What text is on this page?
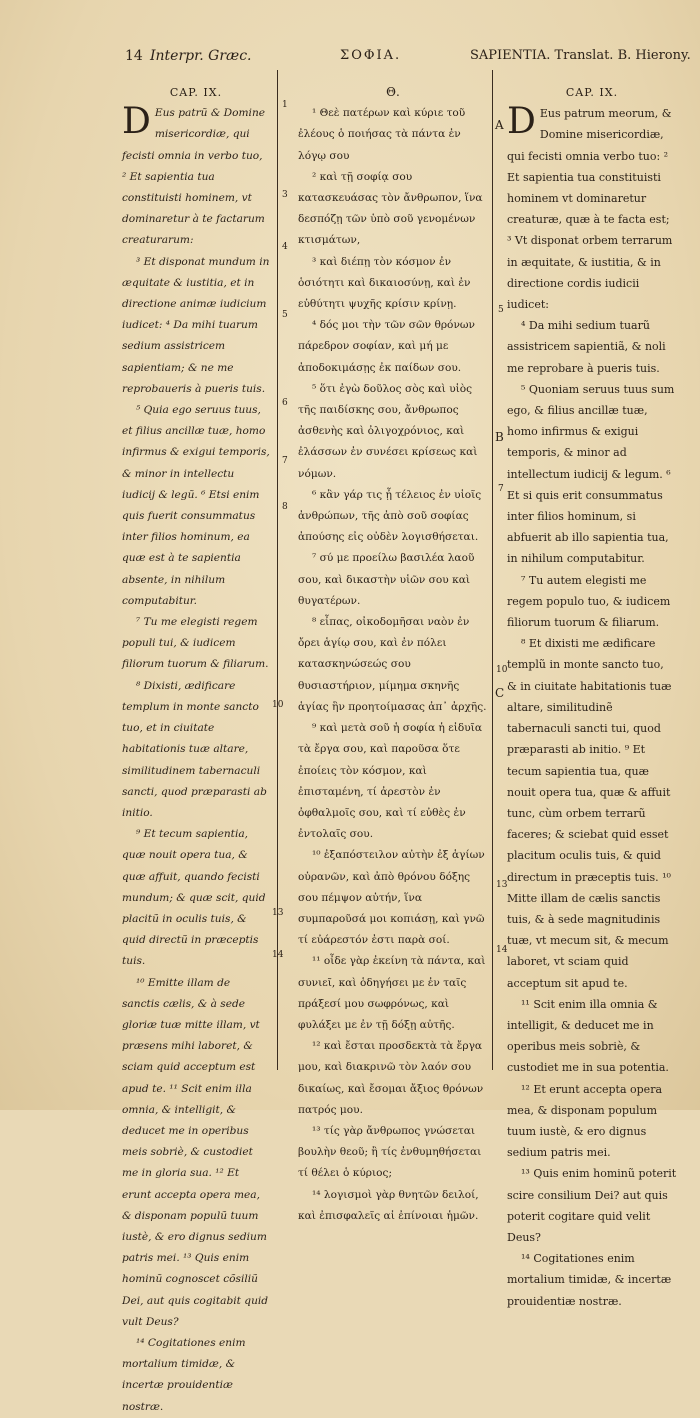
14 Interpr. Græc.	ΣΟΦΙΑ.	SAPIENTIA. Translat. B. Hierony.
CAP. IX.
D Eus patrũ & Domine misericordiæ, qui fecisti omnia in verbo tuo, ² Et sapientia tua constituisti hominem, vt dominaretur à te factarum creaturarum:

³ Et disponat mundum in æquitate & iustitia, et in directione animæ iudicium iudicet: ⁴ Da mihi tuarum sedium assistricem sapientiam; & ne me reprobaueris à pueris tuis.

⁵ Quia ego seruus tuus, et filius ancillæ tuæ, homo infirmus & exigui temporis, & minor in intellectu iudicij & legũ. ⁶ Etsi enim quis fuerit consummatus inter filios hominum, ea quæ est à te sapientia absente, in nihilum computabitur.

⁷ Tu me elegisti regem populi tui, & iudicem filiorum tuorum & filiarum.

⁸ Dixisti, ædificare templum in monte sancto tuo, et in ciuitate habitationis tuæ altare, similitudinem tabernaculi sancti, quod præparasti ab initio.

⁹ Et tecum sapientia, quæ nouit opera tua, & quæ affuit, quando fecisti mundum; & quæ scit, quid placitũ in oculis tuis, & quid directũ in præceptis tuis.

¹⁰ Emitte illam de sanctis cælis, & à sede gloriæ tuæ mitte illam, vt præsens mihi laboret, & sciam quid acceptum est apud te. ¹¹ Scit enim illa omnia, & intelligit, & deducet me in operibus meis sobriè, & custodiet me in gloria sua. ¹² Et erunt accepta opera mea, & disponam populũ tuum iustè, & ero dignus sedium patris mei. ¹³ Quis enim hominũ cognoscet cõsiliũ Dei, aut quis cogitabit quid vult Deus?

¹⁴ Cogitationes enim mortalium timidæ, & incertæ prouidentiæ nostræ.

Θ.

¹ Θεὲ πατέρων καὶ κύριε τοῦ ἐλέους ὁ ποιήσας τὰ πάντα ἐν λόγῳ σου

² καὶ τῇ σοφίᾳ σου κατασκευάσας τὸν ἄνθρωπον, ἵνα δεσπόζῃ τῶν ὑπὸ σοῦ γενομένων κτισμάτων,

³ καὶ διέπῃ τὸν κόσμον ἐν ὁσιότητι καὶ δικαιοσύνῃ, καὶ ἐν εὐθύτητι ψυχῆς κρίσιν κρίνῃ.

⁴ δός μοι τὴν τῶν σῶν θρόνων πάρεδρον σοφίαν, καὶ μή με ἀποδοκιμάσῃς ἐκ παίδων σου.

⁵ ὅτι ἐγὼ δοῦλος σὸς καὶ υἱὸς τῆς παιδίσκης σου, ἄνθρωπος ἀσθενὴς καὶ ὀλιγοχρόνιος, καὶ ἐλάσσων ἐν συνέσει κρίσεως καὶ νόμων.

⁶ κἂν γάρ τις ᾖ τέλειος ἐν υἱοῖς ἀνθρώπων, τῆς ἀπὸ σοῦ σοφίας ἀπούσης εἰς οὐδὲν λογισθήσεται.

⁷ σύ με προείλω βασιλέα λαοῦ σου, καὶ δικαστὴν υἱῶν σου καὶ θυγατέρων.

⁸ εἶπας, οἰκοδομῆσαι ναὸν ἐν ὄρει ἁγίῳ σου, καὶ ἐν πόλει κατασκηνώσεώς σου θυσιαστήριον, μίμημα σκηνῆς ἁγίας ἣν προητοίμασας ἀπ᾿ ἀρχῆς.

⁹ καὶ μετὰ σοῦ ἡ σοφία ἡ εἰδυῖα τὰ ἔργα σου, καὶ παροῦσα ὅτε ἐποίεις τὸν κόσμον, καὶ ἐπισταμένη, τί ἀρεστὸν ἐν ὀφθαλμοῖς σου, καὶ τί εὐθὲς ἐν ἐντολαῖς σου.

¹⁰ ἐξαπόστειλον αὐτὴν ἐξ ἁγίων οὐρανῶν, καὶ ἀπὸ θρόνου δόξης σου πέμψον αὐτήν, ἵνα συμπαροῦσά μοι κοπιάσῃ, καὶ γνῶ τί εὐάρεστόν ἐστι παρὰ σοί.

¹¹ οἶδε γὰρ ἐκείνη τὰ πάντα, καὶ συνιεῖ, καὶ ὁδηγήσει με ἐν ταῖς πράξεσί μου σωφρόνως, καὶ φυλάξει με ἐν τῇ δόξῃ αὐτῆς.

¹² καὶ ἔσται προσδεκτὰ τὰ ἔργα μου, καὶ διακρινῶ τὸν λαόν σου δικαίως, καὶ ἔσομαι ἄξιος θρόνων πατρός μου.

¹³ τίς γὰρ ἄνθρωπος γνώσεται βουλὴν θεοῦ; ἢ τίς ἐνθυμηθήσεται τί θέλει ὁ κύριος;

¹⁴ λογισμοὶ γὰρ θνητῶν δειλοί, καὶ ἐπισφαλεῖς αἱ ἐπίνοιαι ἡμῶν.

CAP. IX.
D Eus patrum meorum, & Domine misericordiæ, qui fecisti omnia verbo tuo: ² Et sapientia tua constituisti hominem vt dominaretur creaturæ, quæ à te facta est; ³ Vt disponat orbem terrarum in æquitate, & iustitia, & in directione cordis iudicii iudicet:

⁴ Da mihi sedium tuarũ assistricem sapientiã, & noli me reprobare à pueris tuis.

⁵ Quoniam seruus tuus sum ego, & filius ancillæ tuæ, homo infirmus & exigui temporis, & minor ad intellectum iudicij & legum. ⁶ Et si quis erit consummatus inter filios hominum, si abfuerit ab illo sapientia tua, in nihilum computabitur.

⁷ Tu autem elegisti me regem populo tuo, & iudicem filiorum tuorum & filiarum.

⁸ Et dixisti me ædificare templũ in monte sancto tuo, & in ciuitate habitationis tuæ altare, similitudinẽ tabernaculi sancti tui, quod præparasti ab initio. ⁹ Et tecum sapientia tua, quæ nouit opera tua, quæ & affuit tunc, cùm orbem terrarũ faceres; & sciebat quid esset placitum oculis tuis, & quid directum in præceptis tuis. ¹⁰ Mitte illam de cælis sanctis tuis, & à sede magnitudinis tuæ, vt mecum sit, & mecum laboret, vt sciam quid acceptum sit apud te.

¹¹ Scit enim illa omnia & intelligit, & deducet me in operibus meis sobriè, & custodiet me in sua potentia.

¹² Et erunt accepta opera mea, & disponam populum tuum iustè, & ero dignus sedium patris mei.

¹³ Quis enim hominũ poterit scire consilium Dei? aut quis poterit cogitare quid velit Deus?

¹⁴ Cogitationes enim mortalium timidæ, & incertæ prouidentiæ nostræ.

A
B
C
1
3
4
5
6
7
8
10
13
14
5
7
10
13
14
